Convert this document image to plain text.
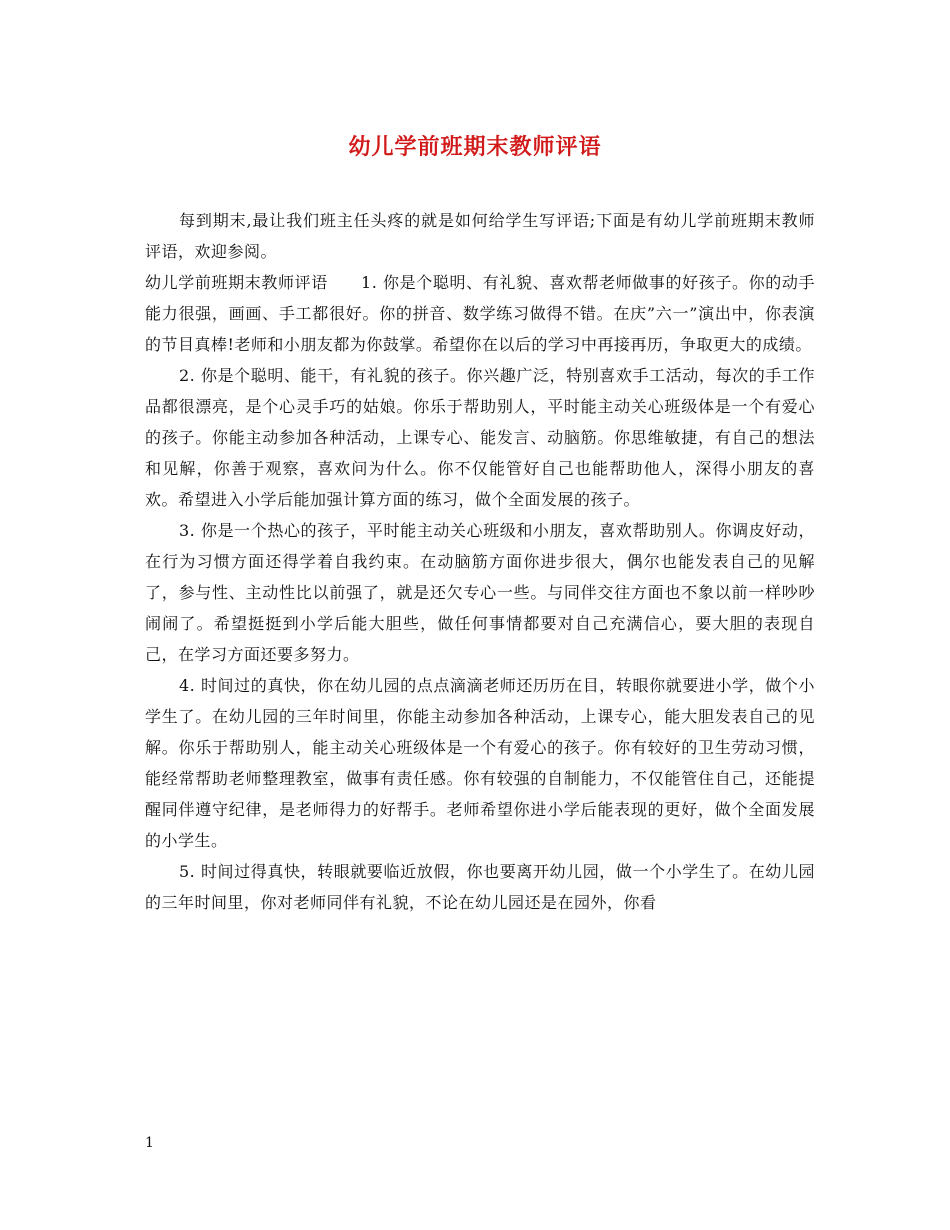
幼儿学前班期末教师评语

每到期末,最让我们班主任头疼的就是如何给学生写评语;下面是有幼儿学前班期末教师评语，欢迎参阅。

幼儿学前班期末教师评语　　1. 你是个聪明、有礼貌、喜欢帮老师做事的好孩子。你的动手能力很强，画画、手工都很好。你的拼音、数学练习做得不错。在庆”六一”演出中，你表演的节目真棒!老师和小朋友都为你鼓掌。希望你在以后的学习中再接再历，争取更大的成绩。

2. 你是个聪明、能干，有礼貌的孩子。你兴趣广泛，特别喜欢手工活动，每次的手工作品都很漂亮，是个心灵手巧的姑娘。你乐于帮助别人，平时能主动关心班级体是一个有爱心的孩子。你能主动参加各种活动，上课专心、能发言、动脑筋。你思维敏捷，有自己的想法和见解，你善于观察，喜欢问为什么。你不仅能管好自己也能帮助他人，深得小朋友的喜欢。希望进入小学后能加强计算方面的练习，做个全面发展的孩子。

3. 你是一个热心的孩子，平时能主动关心班级和小朋友，喜欢帮助别人。你调皮好动，在行为习惯方面还得学着自我约束。在动脑筋方面你进步很大，偶尔也能发表自己的见解了，参与性、主动性比以前强了，就是还欠专心一些。与同伴交往方面也不象以前一样吵吵闹闹了。希望挺挺到小学后能大胆些，做任何事情都要对自己充满信心，要大胆的表现自己，在学习方面还要多努力。

4. 时间过的真快，你在幼儿园的点点滴滴老师还历历在目，转眼你就要进小学，做个小学生了。在幼儿园的三年时间里，你能主动参加各种活动，上课专心，能大胆发表自己的见解。你乐于帮助别人，能主动关心班级体是一个有爱心的孩子。你有较好的卫生劳动习惯，能经常帮助老师整理教室，做事有责任感。你有较强的自制能力，不仅能管住自己，还能提醒同伴遵守纪律，是老师得力的好帮手。老师希望你进小学后能表现的更好，做个全面发展的小学生。

5. 时间过得真快，转眼就要临近放假，你也要离开幼儿园，做一个小学生了。在幼儿园的三年时间里，你对老师同伴有礼貌，不论在幼儿园还是在园外，你看

1
